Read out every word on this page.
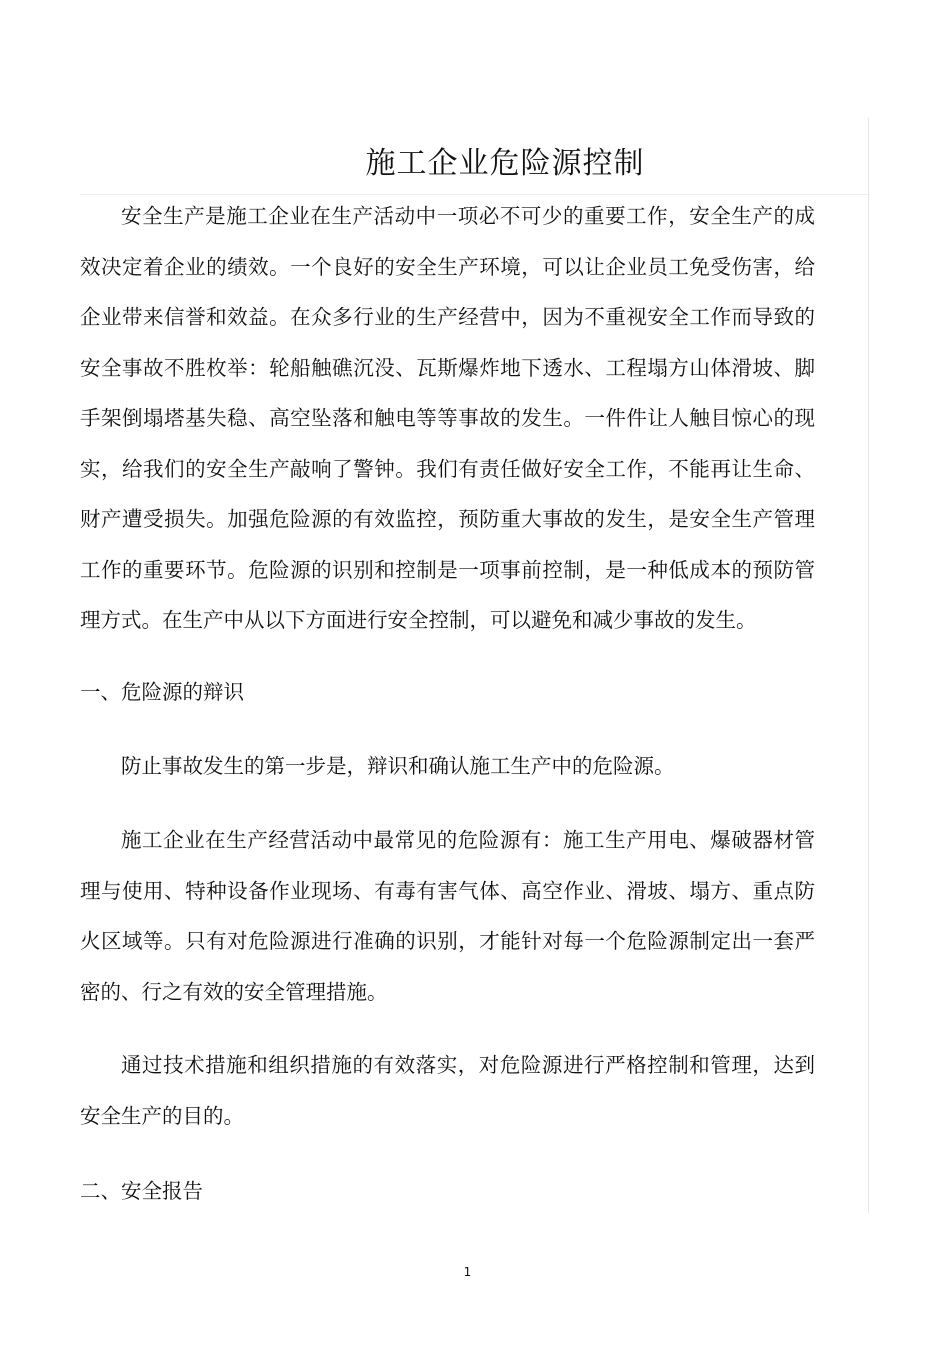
施工企业危险源控制

安全生产是施工企业在生产活动中一项必不可少的重要工作，安全生产的成效决定着企业的绩效。一个良好的安全生产环境，可以让企业员工免受伤害，给企业带来信誉和效益。在众多行业的生产经营中，因为不重视安全工作而导致的安全事故不胜枚举：轮船触礁沉没、瓦斯爆炸地下透水、工程塌方山体滑坡、脚手架倒塌塔基失稳、高空坠落和触电等等事故的发生。一件件让人触目惊心的现实，给我们的安全生产敲响了警钟。我们有责任做好安全工作，不能再让生命、财产遭受损失。加强危险源的有效监控，预防重大事故的发生，是安全生产管理工作的重要环节。危险源的识别和控制是一项事前控制，是一种低成本的预防管理方式。在生产中从以下方面进行安全控制，可以避免和减少事故的发生。

一、危险源的辩识

防止事故发生的第一步是，辩识和确认施工生产中的危险源。

施工企业在生产经营活动中最常见的危险源有：施工生产用电、爆破器材管理与使用、特种设备作业现场、有毒有害气体、高空作业、滑坡、塌方、重点防火区域等。只有对危险源进行准确的识别，才能针对每一个危险源制定出一套严密的、行之有效的安全管理措施。

通过技术措施和组织措施的有效落实，对危险源进行严格控制和管理，达到安全生产的目的。

二、安全报告

1
